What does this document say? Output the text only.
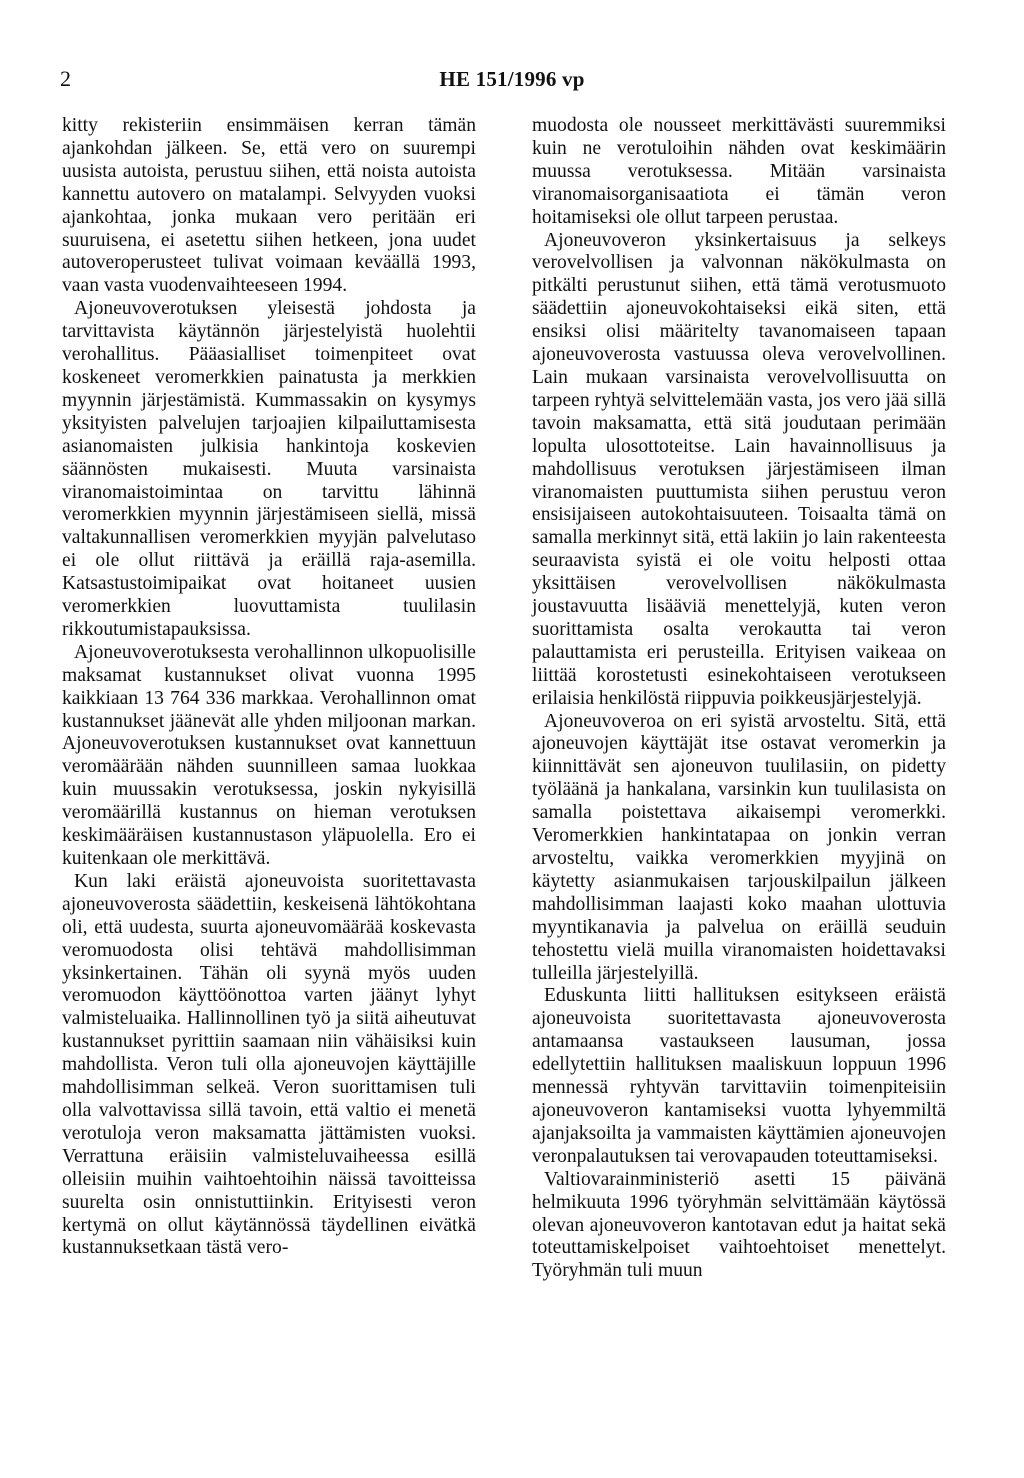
2	HE 151/1996 vp

kitty rekisteriin ensimmäisen kerran tämän ajankohdan jälkeen. Se, että vero on suurempi uusista autoista, perustuu siihen, että noista autoista kannettu autovero on matalampi. Selvyyden vuoksi ajankohtaa, jonka mukaan vero peritään eri suuruisena, ei asetettu siihen hetkeen, jona uudet autoveroperusteet tulivat voimaan keväällä 1993, vaan vasta vuodenvaihteeseen 1994.

Ajoneuvoverotuksen yleisestä johdosta ja tarvittavista käytännön järjestelyistä huolehtii verohallitus. Pääasialliset toimenpiteet ovat koskeneet veromerkkien painatusta ja merkkien myynnin järjestämistä. Kummassakin on kysymys yksityisten palvelujen tarjoajien kilpailuttamisesta asianomaisten julkisia hankintoja koskevien säännösten mukaisesti. Muuta varsinaista viranomaistoimintaa on tarvittu lähinnä veromerkkien myynnin järjestämiseen siellä, missä valtakunnallisen veromerkkien myyjän palvelutaso ei ole ollut riittävä ja eräillä raja-asemilla. Katsastustoimipaikat ovat hoitaneet uusien veromerkkien luovuttamista tuulilasin rikkoutumistapauksissa.

Ajoneuvoverotuksesta verohallinnon ulkopuolisille maksamat kustannukset olivat vuonna 1995 kaikkiaan 13 764 336 markkaa. Verohallinnon omat kustannukset jäänevät alle yhden miljoonan markan. Ajoneuvoverotuksen kustannukset ovat kannettuun veromäärään nähden suunnilleen samaa luokkaa kuin muussakin verotuksessa, joskin nykyisillä veromäärillä kustannus on hieman verotuksen keskimääräisen kustannustason yläpuolella. Ero ei kuitenkaan ole merkittävä.

Kun laki eräistä ajoneuvoista suoritettavasta ajoneuvoverosta säädettiin, keskeisenä lähtökohtana oli, että uudesta, suurta ajoneuvomäärää koskevasta veromuodosta olisi tehtävä mahdollisimman yksinkertainen. Tähän oli syynä myös uuden veromuodon käyttöönottoa varten jäänyt lyhyt valmisteluaika. Hallinnollinen työ ja siitä aiheutuvat kustannukset pyrittiin saamaan niin vähäisiksi kuin mahdollista. Veron tuli olla ajoneuvojen käyttäjille mahdollisimman selkeä. Veron suorittamisen tuli olla valvottavissa sillä tavoin, että valtio ei menetä verotuloja veron maksamatta jättämisten vuoksi. Verrattuna eräisiin valmisteluvaiheessa esillä olleisiin muihin vaihtoehtoihin näissä tavoitteissa suurelta osin onnistuttiinkin. Erityisesti veron kertymä on ollut käytännössä täydellinen eivätkä kustannuksetkaan tästä vero-

muodosta ole nousseet merkittävästi suuremmiksi kuin ne verotuloihin nähden ovat keskimäärin muussa verotuksessa. Mitään varsinaista viranomaisorganisaatiota ei tämän veron hoitamiseksi ole ollut tarpeen perustaa.

Ajoneuvoveron yksinkertaisuus ja selkeys verovelvollisen ja valvonnan näkökulmasta on pitkälti perustunut siihen, että tämä verotusmuoto säädettiin ajoneuvokohtaiseksi eikä siten, että ensiksi olisi määritelty tavanomaiseen tapaan ajoneuvoverosta vastuussa oleva verovelvollinen. Lain mukaan varsinaista verovelvollisuutta on tarpeen ryhtyä selvittelemään vasta, jos vero jää sillä tavoin maksamatta, että sitä joudutaan perimään lopulta ulosottoteitse. Lain havainnollisuus ja mahdollisuus verotuksen järjestämiseen ilman viranomaisten puuttumista siihen perustuu veron ensisijaiseen autokohtaisuuteen. Toisaalta tämä on samalla merkinnyt sitä, että lakiin jo lain rakenteesta seuraavista syistä ei ole voitu helposti ottaa yksittäisen verovelvollisen näkökulmasta joustavuutta lisääviä menettelyjä, kuten veron suorittamista osalta verokautta tai veron palauttamista eri perusteilla. Erityisen vaikeaa on liittää korostetusti esinekohtaiseen verotukseen erilaisia henkilöstä riippuvia poikkeusjärjestelyjä.

Ajoneuvoveroa on eri syistä arvosteltu. Sitä, että ajoneuvojen käyttäjät itse ostavat veromerkin ja kiinnittävät sen ajoneuvon tuulilasiin, on pidetty työläänä ja hankalana, varsinkin kun tuulilasista on samalla poistettava aikaisempi veromerkki. Veromerkkien hankintatapaa on jonkin verran arvosteltu, vaikka veromerkkien myyjinä on käytetty asianmukaisen tarjouskilpailun jälkeen mahdollisimman laajasti koko maahan ulottuvia myyntikanavia ja palvelua on eräillä seuduin tehostettu vielä muilla viranomaisten hoidettavaksi tulleilla järjestelyillä.

Eduskunta liitti hallituksen esitykseen eräistä ajoneuvoista suoritettavasta ajoneuvoverosta antamaansa vastaukseen lausuman, jossa edellytettiin hallituksen maaliskuun loppuun 1996 mennessä ryhtyvän tarvittaviin toimenpiteisiin ajoneuvoveron kantamiseksi vuotta lyhyemmiltä ajanjaksoilta ja vammaisten käyttämien ajoneuvojen veronpalautuksen tai verovapauden toteuttamiseksi.

Valtiovarainministeriö asetti 15 päivänä helmikuuta 1996 työryhmän selvittämään käytössä olevan ajoneuvoveron kantotavan edut ja haitat sekä toteuttamiskelpoiset vaihtoehtoiset menettelyt. Työryhmän tuli muun
